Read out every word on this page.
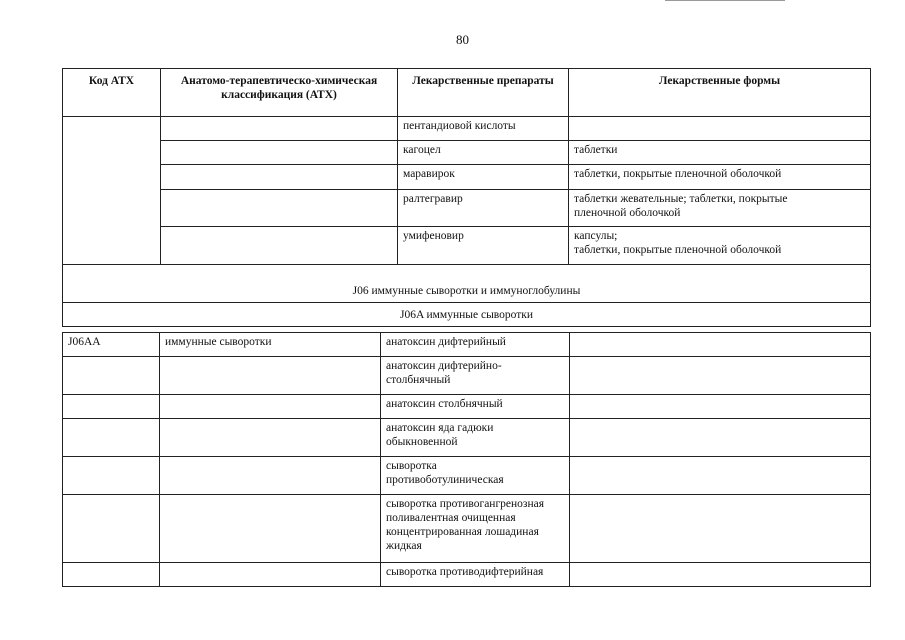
80
Код АТХ	Анатомо-терапевтическо-химическая классификация (АТХ)	Лекарственные препараты	Лекарственные формы
		пентандиовой кислоты	
		кагоцел	таблетки
		маравирок	таблетки, покрытые пленочной оболочкой
		ралтегравир	таблетки жевательные; таблетки, покрытые
пленочной оболочкой
		умифеновир	капсулы;
таблетки, покрытые пленочной оболочкой
J06 иммунные сыворотки и иммуноглобулины			
J06A иммунные сыворотки			
J06AA	иммунные сыворотки	анатоксин дифтерийный	
		анатоксин дифтерийно-
столбнячный	
		анатоксин столбнячный	
		анатоксин яда гадюки
обыкновенной	
		сыворотка
противоботулиническая	
		сыворотка противогангренозная
поливалентная очищенная
концентрированная лошадиная
жидкая	
		сыворотка противодифтерийная	
